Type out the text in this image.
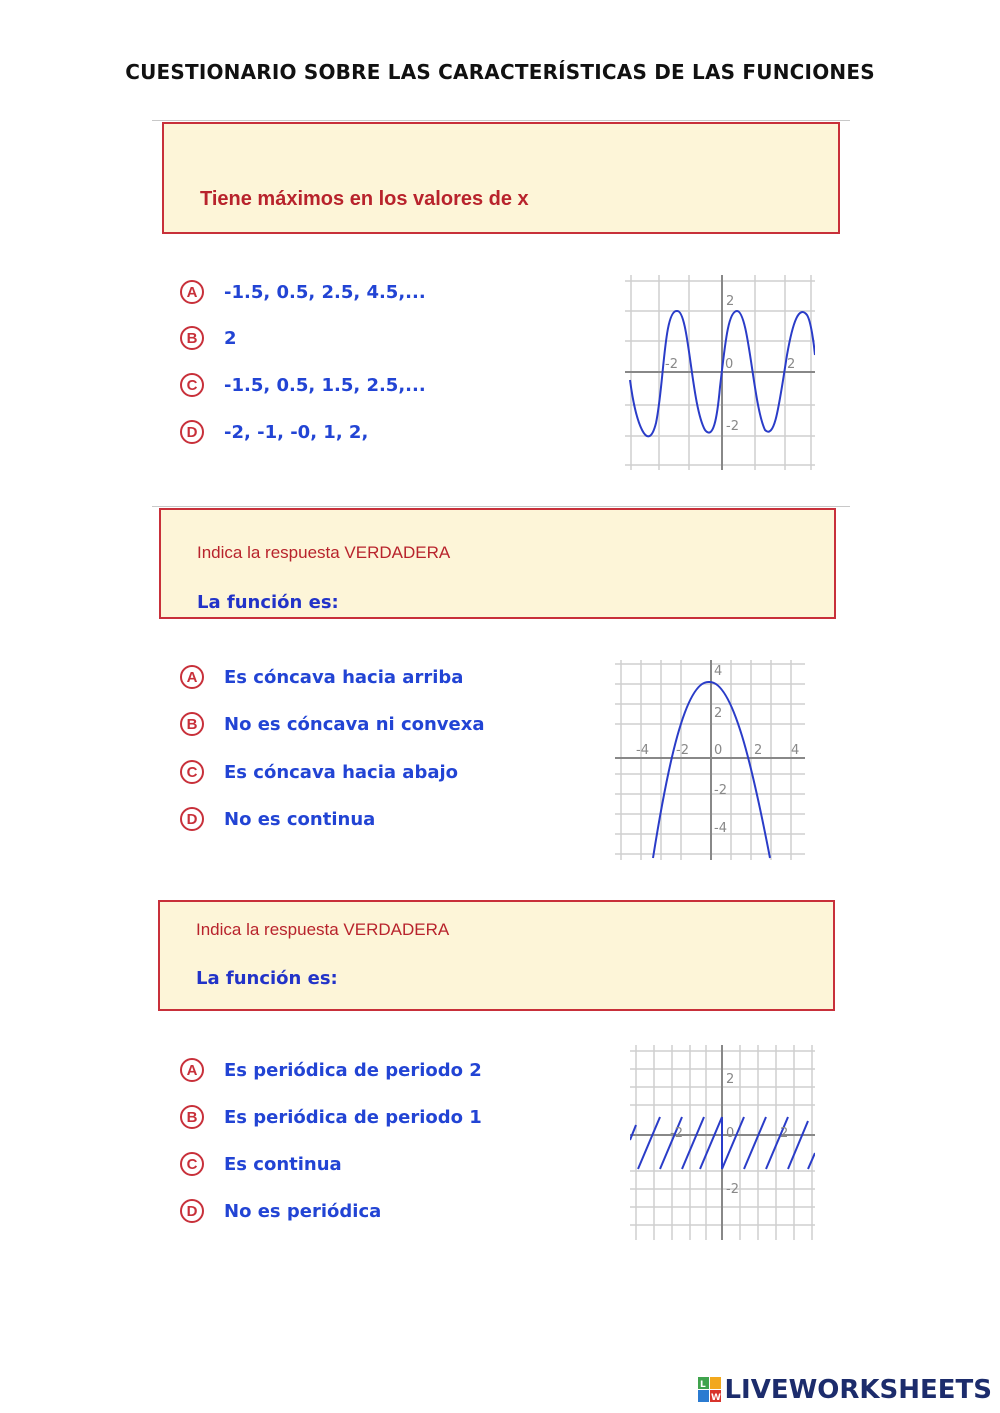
CUESTIONARIO SOBRE LAS CARACTERÍSTICAS DE LAS FUNCIONES
Tiene máximos en los valores de x
A	-1.5, 0.5, 2.5, 4.5,...
B	2
C	-1.5, 0.5, 1.5, 2.5,...
D	-2, -1, -0, 1, 2,
2
-2	0	2
-2
Indica la respuesta VERDADERA
La función es:
A	Es cóncava hacia arriba
B	No es cóncava ni convexa
C	Es cóncava hacia abajo
D	No es continua
4
2
-4 -2 0 2 4
-2
-4
Indica la respuesta VERDADERA
La función es:
A	Es periódica de periodo 2
B	Es periódica de periodo 1
C	Es continua
D	No es periódica
2
-2	0	2
-2
L
W LIVEWORKSHEETS
